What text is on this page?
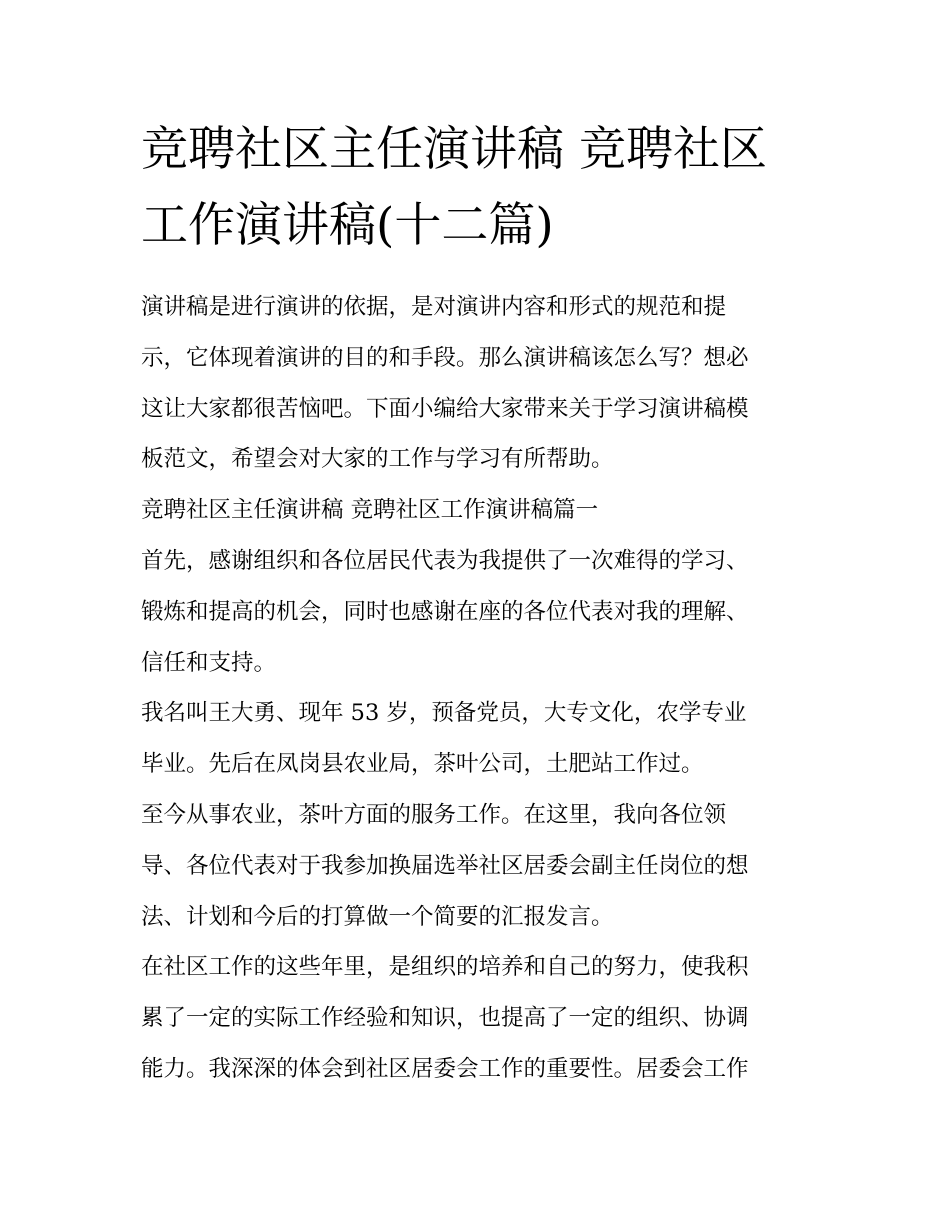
竞聘社区主任演讲稿 竞聘社区
工作演讲稿(十二篇)

演讲稿是进行演讲的依据，是对演讲内容和形式的规范和提
示，它体现着演讲的目的和手段。那么演讲稿该怎么写？想必
这让大家都很苦恼吧。下面小编给大家带来关于学习演讲稿模
板范文，希望会对大家的工作与学习有所帮助。

竞聘社区主任演讲稿 竞聘社区工作演讲稿篇一

首先，感谢组织和各位居民代表为我提供了一次难得的学习、
锻炼和提高的机会，同时也感谢在座的各位代表对我的理解、
信任和支持。

我名叫王大勇、现年 53 岁，预备党员，大专文化，农学专业
毕业。先后在凤岗县农业局，茶叶公司，土肥站工作过。

至今从事农业，茶叶方面的服务工作。在这里，我向各位领
导、各位代表对于我参加换届选举社区居委会副主任岗位的想
法、计划和今后的打算做一个简要的汇报发言。

在社区工作的这些年里，是组织的培养和自己的努力，使我积
累了一定的实际工作经验和知识，也提高了一定的组织、协调
能力。我深深的体会到社区居委会工作的重要性。居委会工作
